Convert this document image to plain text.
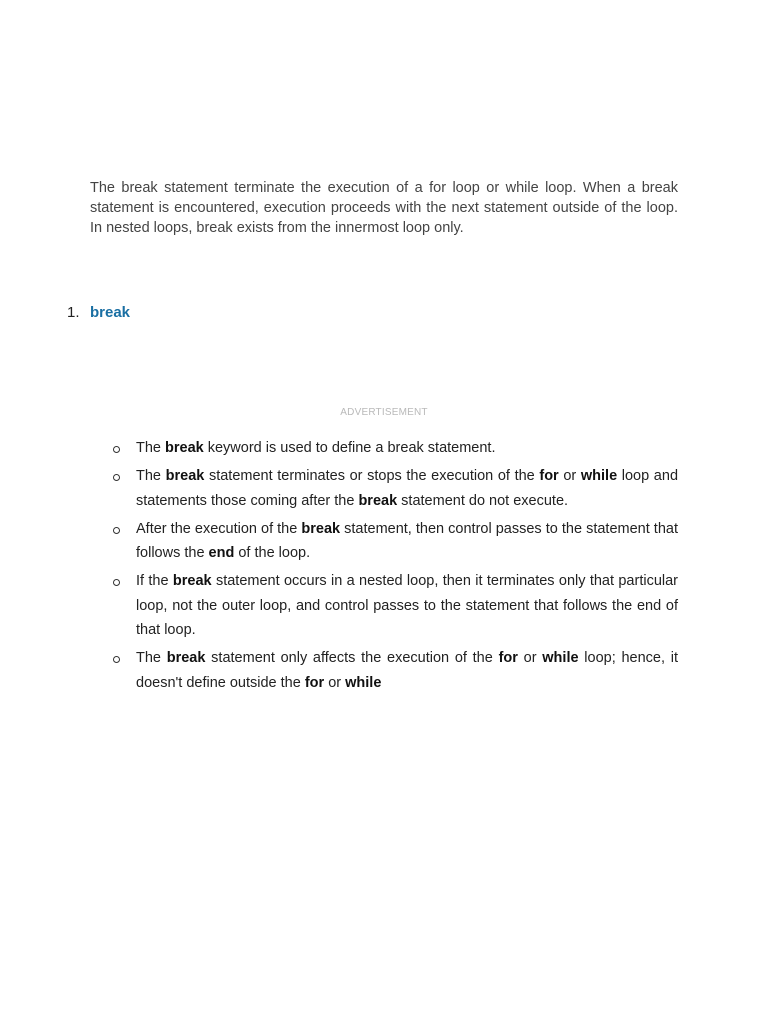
The break statement terminate the execution of a for loop or while loop. When a break statement is encountered, execution proceeds with the next statement outside of the loop. In nested loops, break exists from the innermost loop only.

1. break
ADVERTISEMENT
The break keyword is used to define a break statement.
The break statement terminates or stops the execution of the for or while loop and statements those coming after the break statement do not execute.
After the execution of the break statement, then control passes to the statement that follows the end of the loop.
If the break statement occurs in a nested loop, then it terminates only that particular loop, not the outer loop, and control passes to the statement that follows the end of that loop.
The break statement only affects the execution of the for or while loop; hence, it doesn't define outside the for or while
